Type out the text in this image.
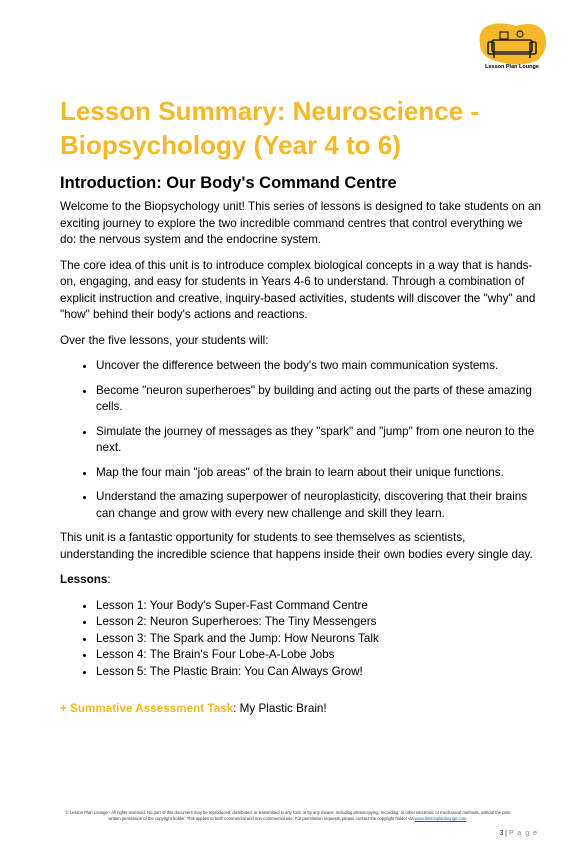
Lesson Plan Lounge
Lesson Summary: Neuroscience - Biopsychology (Year 4 to 6)
Introduction: Our Body's Command Centre

Welcome to the Biopsychology unit! This series of lessons is designed to take students on an exciting journey to explore the two incredible command centres that control everything we do: the nervous system and the endocrine system.

The core idea of this unit is to introduce complex biological concepts in a way that is hands-on, engaging, and easy for students in Years 4-6 to understand. Through a combination of explicit instruction and creative, inquiry-based activities, students will discover the "why" and "how" behind their body's actions and reactions.

Over the five lessons, your students will:

• Uncover the difference between the body's two main communication systems.
• Become "neuron superheroes" by building and acting out the parts of these amazing cells.
• Simulate the journey of messages as they "spark" and "jump" from one neuron to the next.
• Map the four main "job areas" of the brain to learn about their unique functions.
• Understand the amazing superpower of neuroplasticity, discovering that their brains can change and grow with every new challenge and skill they learn.

This unit is a fantastic opportunity for students to see themselves as scientists, understanding the incredible science that happens inside their own bodies every single day.

Lessons:

• Lesson 1: Your Body's Super-Fast Command Centre
• Lesson 2: Neuron Superheroes: The Tiny Messengers
• Lesson 3: The Spark and the Jump: How Neurons Talk
• Lesson 4: The Brain's Four Lobe-A-Lobe Jobs
• Lesson 5: The Plastic Brain: You Can Always Grow!
+ Summative Assessment Task: My Plastic Brain!
© Lesson Plan Lounge - All rights reserved. No part of this document may be reproduced, distributed, or transmitted in any form or by any means, including photocopying, recording, or other electronic or mechanical methods, without the prior written permission of the copyright holder. This applies to both commercial and non-commercial use. For permission requests, please contact the copyright holder via www.lessonplanlounge.com.
3 | P a g e
